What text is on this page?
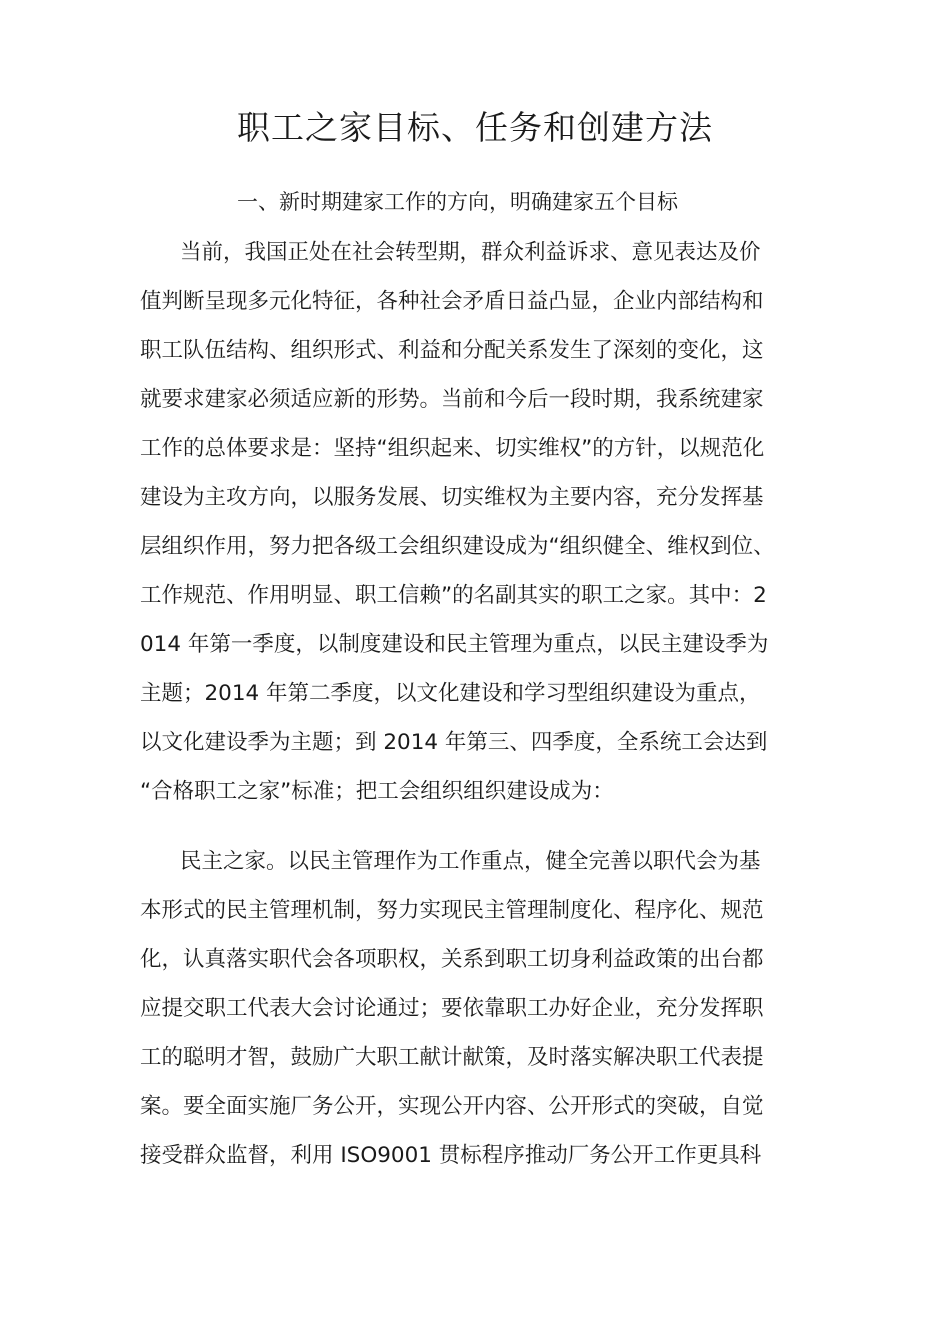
职工之家目标、任务和创建方法
一、新时期建家工作的方向，明确建家五个目标
当前，我国正处在社会转型期，群众利益诉求、意见表达及价
值判断呈现多元化特征，各种社会矛盾日益凸显，企业内部结构和
职工队伍结构、组织形式、利益和分配关系发生了深刻的变化，这
就要求建家必须适应新的形势。当前和今后一段时期，我系统建家
工作的总体要求是：坚持“组织起来、切实维权”的方针，以规范化
建设为主攻方向，以服务发展、切实维权为主要内容，充分发挥基
层组织作用，努力把各级工会组织建设成为“组织健全、维权到位、
工作规范、作用明显、职工信赖”的名副其实的职工之家。其中：2
014 年第一季度，以制度建设和民主管理为重点，以民主建设季为
主题；2014 年第二季度，以文化建设和学习型组织建设为重点，
以文化建设季为主题；到 2014 年第三、四季度，全系统工会达到
“合格职工之家”标准；把工会组织组织建设成为：
民主之家。以民主管理作为工作重点，健全完善以职代会为基
本形式的民主管理机制，努力实现民主管理制度化、程序化、规范
化，认真落实职代会各项职权，关系到职工切身利益政策的出台都
应提交职工代表大会讨论通过；要依靠职工办好企业，充分发挥职
工的聪明才智，鼓励广大职工献计献策，及时落实解决职工代表提
案。要全面实施厂务公开，实现公开内容、公开形式的突破，自觉
接受群众监督，利用 ISO9001 贯标程序推动厂务公开工作更具科
